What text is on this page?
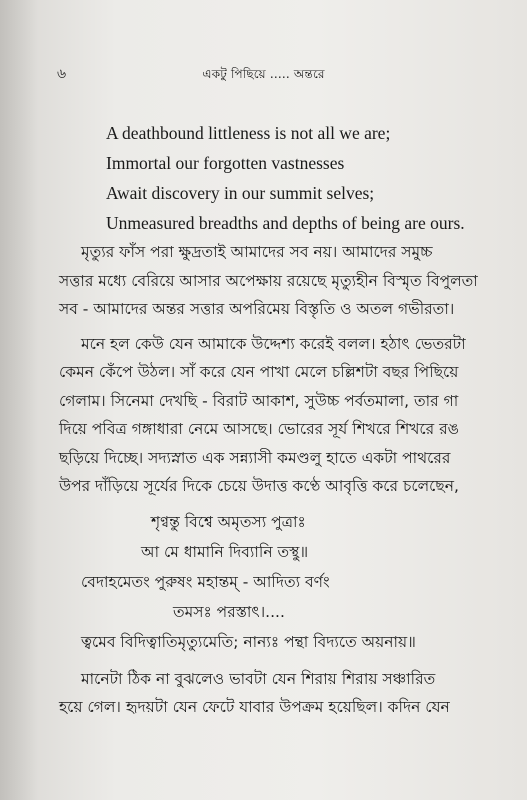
৬	একটু পিছিয়ে ..... অন্তরে
A deathbound littleness is not all we are;
Immortal our forgotten vastnesses
Await discovery in our summit selves;
Unmeasured breadths and depths of being are ours.
মৃত্যুর ফাঁস পরা ক্ষুদ্রতাই আমাদের সব নয়। আমাদের সমুচ্চ
সত্তার মধ্যে বেরিয়ে আসার অপেক্ষায় রয়েছে মৃত্যুহীন বিস্মৃত বিপুলতা
সব - আমাদের অন্তর সত্তার অপরিমেয় বিস্তৃতি ও অতল গভীরতা।
মনে হল কেউ যেন আমাকে উদ্দেশ্য করেই বলল। হঠাৎ ভেতরটা
কেমন কেঁপে উঠল। সাঁ করে যেন পাখা মেলে চল্লিশটা বছর পিছিয়ে
গেলাম। সিনেমা দেখছি - বিরাট আকাশ, সুউচ্চ পর্বতমালা, তার গা
দিয়ে পবিত্র গঙ্গাধারা নেমে আসছে। ভোরের সূর্য শিখরে শিখরে রঙ
ছড়িয়ে দিচ্ছে। সদ্যস্নাত এক সন্ন্যাসী কমণ্ডলু হাতে একটা পাথরের
উপর দাঁড়িয়ে সূর্যের দিকে চেয়ে উদাত্ত কণ্ঠে আবৃত্তি করে চলেছেন,
শৃণ্বন্তু বিশ্বে অমৃতস্য পুত্রাঃ
আ মে ধামানি দিব্যানি তস্থু॥
বেদাহমেতং পুরুষং মহান্তম্ - আদিত্য বর্ণং
তমসঃ পরস্তাৎ।....
ত্বমেব বিদিত্বাতিমৃত্যুমেতি; নান্যঃ পন্থা বিদ্যতে অয়নায়॥
মানেটা ঠিক না বুঝলেও ভাবটা যেন শিরায় শিরায় সঞ্চারিত
হয়ে গেল। হৃদয়টা যেন ফেটে যাবার উপক্রম হয়েছিল। কদিন যেন
